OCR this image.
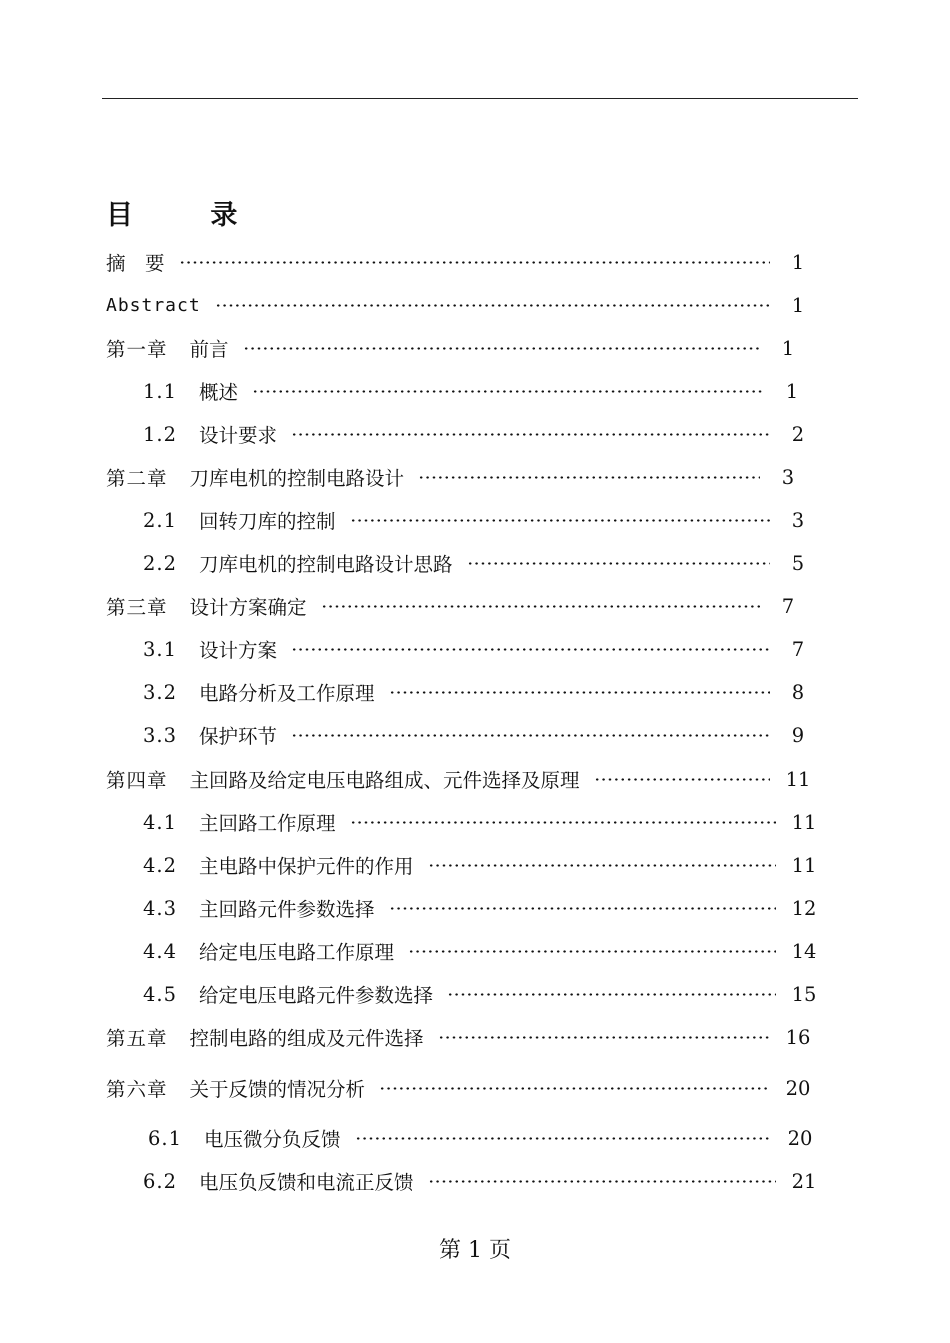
目 录
摘　要	1
Abstract	1
第一章 前言	1
1.1 概述	1
1.2 设计要求	2
第二章 刀库电机的控制电路设计	3
2.1 回转刀库的控制	3
2.2 刀库电机的控制电路设计思路	5
第三章 设计方案确定	7
3.1 设计方案	7
3.2 电路分析及工作原理	8
3.3 保护环节	9
第四章 主回路及给定电压电路组成、元件选择及原理	11
4.1 主回路工作原理	11
4.2 主电路中保护元件的作用	11
4.3 主回路元件参数选择	12
4.4 给定电压电路工作原理	14
4.5 给定电压电路元件参数选择	15
第五章 控制电路的组成及元件选择	16
第六章 关于反馈的情况分析	20
6.1 电压微分负反馈	20
6.2 电压负反馈和电流正反馈	21
第 1 页
